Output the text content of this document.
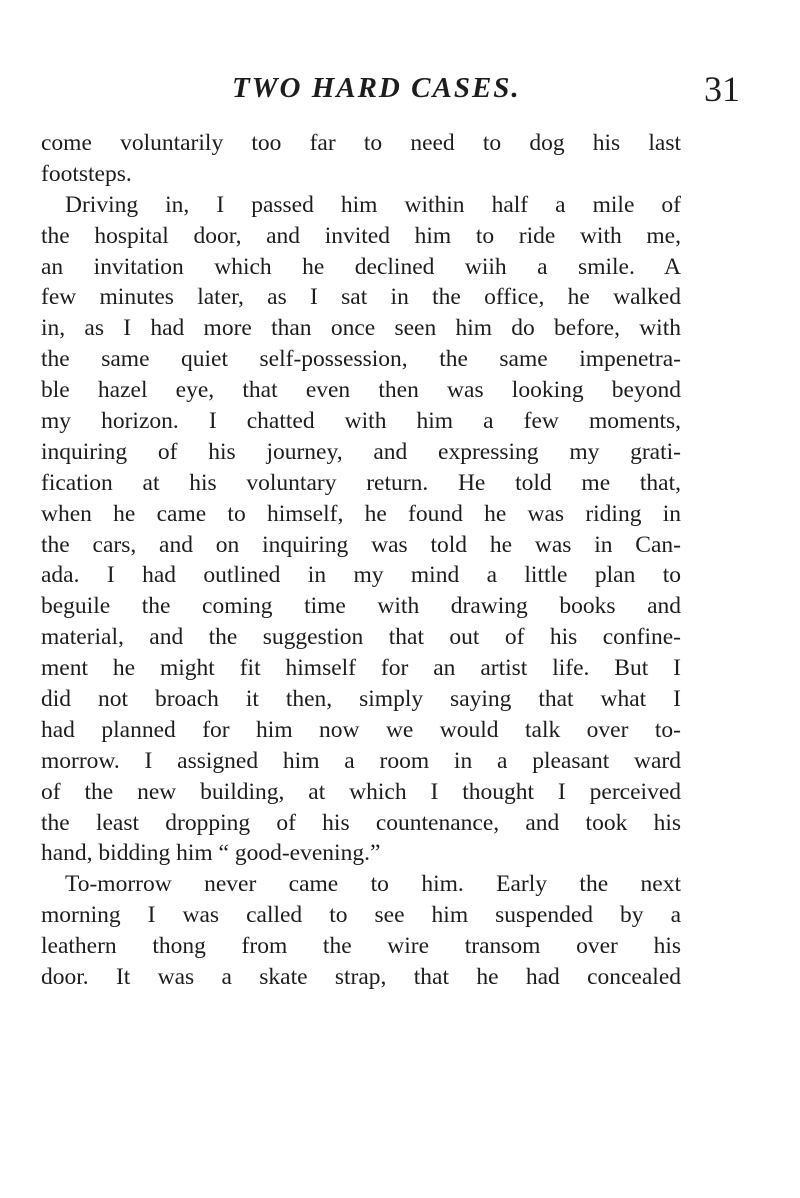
TWO HARD CASES.	31
come voluntarily too far to need to dog his last
footsteps.
Driving in, I passed him within half a mile of
the hospital door, and invited him to ride with me,
an invitation which he declined wiih a smile. A
few minutes later, as I sat in the office, he walked
in, as I had more than once seen him do before, with
the same quiet self-possession, the same impenetra-
ble hazel eye, that even then was looking beyond
my horizon. I chatted with him a few moments,
inquiring of his journey, and expressing my grati-
fication at his voluntary return. He told me that,
when he came to himself, he found he was riding in
the cars, and on inquiring was told he was in Can-
ada. I had outlined in my mind a little plan to
beguile the coming time with drawing books and
material, and the suggestion that out of his confine-
ment he might fit himself for an artist life. But I
did not broach it then, simply saying that what I
had planned for him now we would talk over to-
morrow. I assigned him a room in a pleasant ward
of the new building, at which I thought I perceived
the least dropping of his countenance, and took his
hand, bidding him “ good-evening.”
To-morrow never came to him. Early the next
morning I was called to see him suspended by a
leathern thong from the wire transom over his
door. It was a skate strap, that he had concealed
